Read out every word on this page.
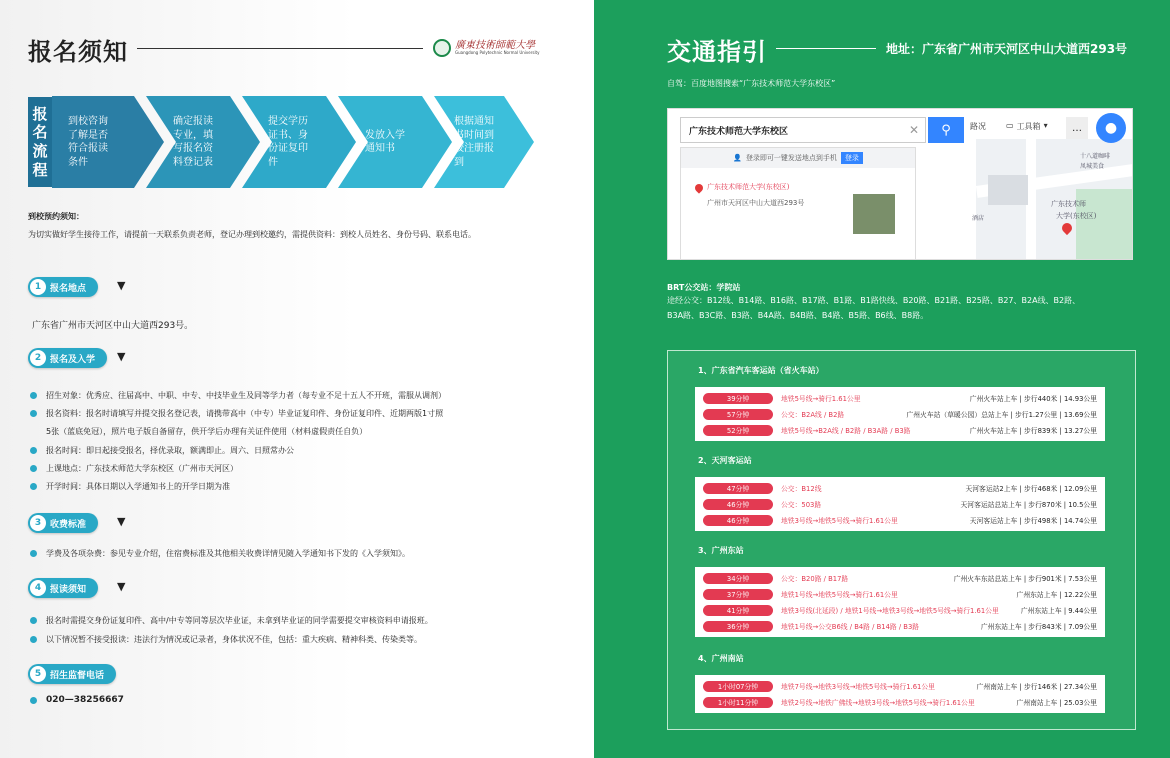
报名须知	廣東技術師範大學
Guangdong Polytechnic Normal University
报
名
流
程
到校咨询
了解是否
符合报读
条件
确定报读
专业，填
写报名资
料登记表
提交学历
证书、身
份证复印
件
发放入学
通知书
根据通知
书时间到
校注册报
到
到校预约须知：
为切实做好学生接待工作，请提前一天联系负责老师，登记办理到校邀约，需提供资料：到校人员姓名、身份号码、联系电话。
1 报名地点	▼
广东省广州市天河区中山大道西293号。
2 报名及入学 ▼
招生对象：优秀应、往届高中、中职、中专、中技毕业生及同等学力者（每专业不足十五人不开班，需服从调剂）
报名资料：报名时请填写并提交报名登记表，请携带高中（中专）毕业证复印件、身份证复印件、近期两版1寸照
5张（蓝底免冠），照片电子版自备留存，供开学后办理有关证件使用（材料虚假责任自负）
报名时间：即日起接受报名，择优录取，额满即止。周六、日照常办公
上课地点：广东技术师范大学东校区（广州市天河区）
开学时间：具体日期以入学通知书上的开学日期为准
3 收费标准	▼
学费及各项杂费：参见专业介绍，住宿费标准及其他相关收费详情见随入学通知书下发的《入学须知》。
4 报读须知	▼
报名时需提交身份证复印件、高中/中专等同等层次毕业证，未拿到毕业证的同学需要提交审核资料申请报班。
以下情况暂不接受报读：违法行为情况或记录者，身体状况不佳，包括：重大疾病、精神科类、传染类等。
5 招生监督电话
020—38256667
交通指引	地址：广东省广州市天河区中山大道西293号
自驾：百度地图搜索“广东技术师范大学东校区”
十八道咖啡
凤城美食
广东技术师
大学(东校区)
酒店
广东技术师范大学东校区	✕ ⚲ 路况	▭ 工具箱 ▾	…	●
👤 登录即可一键发送地点到手机	登录
广东技术师范大学(东校区)
广州市天河区中山大道西293号
BRT公交站：学院站
途经公交：B12线、B14路、B16路、B17路、B1路、B1路快线、B20路、B21路、B25路、B27、B2A线、B2路、
B3A路、B3C路、B3路、B4A路、B4B路、B4路、B5路、B6线、B8路。
1、广东省汽车客运站（省火车站）
39分钟	地铁5号线→骑行1.61公里	广州火车站上车 | 步行440米 | 14.93公里
57分钟	公交：B2A线 / B2路	广州火车站（草暖公园）总站上车 | 步行1.27公里 | 13.69公里
52分钟	地铁5号线→B2A线 / B2路 / B3A路 / B3路	广州火车站上车 | 步行839米 | 13.27公里
2、天河客运站
47分钟	公交：B12线	天河客运站2上车 | 步行468米 | 12.09公里
46分钟	公交：503路	天河客运站总站上车 | 步行870米 | 10.5公里
46分钟	地铁3号线→地铁5号线→骑行1.61公里	天河客运站上车 | 步行498米 | 14.74公里
3、广州东站
34分钟	公交：B20路 / B17路	广州火车东站总站上车 | 步行901米 | 7.53公里
37分钟	地铁1号线→地铁5号线→骑行1.61公里	广州东站上车 | 12.22公里
41分钟	地铁3号线(北延段) / 地铁1号线→地铁3号线→地铁5号线→骑行1.61公里	广州东站上车 | 9.44公里
36分钟	地铁1号线→公交B6线 / B4路 / B14路 / B3路	广州东站上车 | 步行843米 | 7.09公里
4、广州南站
1小时07分钟	地铁7号线→地铁3号线→地铁5号线→骑行1.61公里	广州南站上车 | 步行146米 | 27.34公里
1小时11分钟	地铁2号线→地铁广佛线→地铁3号线→地铁5号线→骑行1.61公里	广州南站上车 | 25.03公里
